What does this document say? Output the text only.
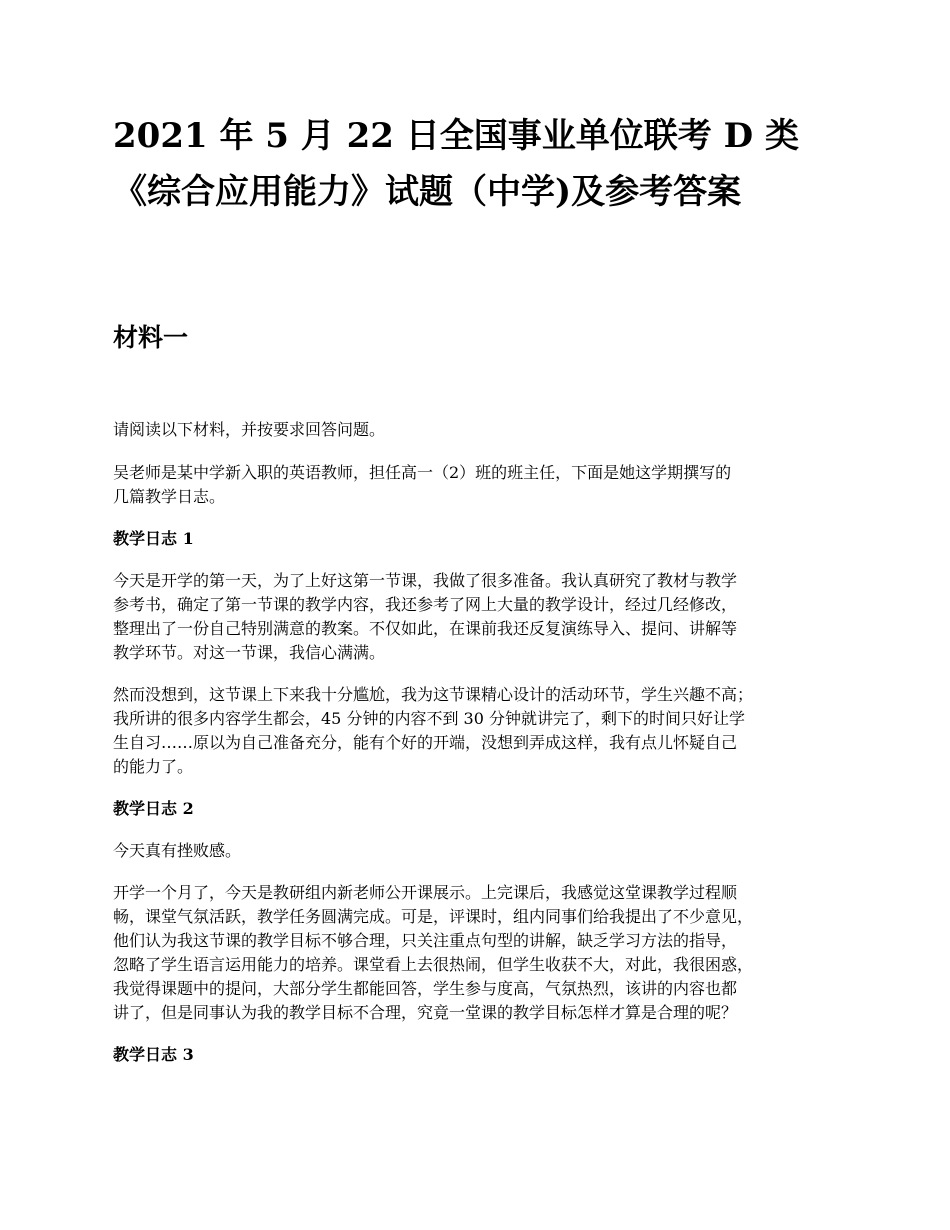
2021 年 5 月 22 日全国事业单位联考 D 类
《综合应用能力》试题（中学)及参考答案
材料一

请阅读以下材料，并按要求回答问题。

吴老师是某中学新入职的英语教师，担任高一（2）班的班主任，下面是她这学期撰写的
几篇教学日志。

教学日志 1

今天是开学的第一天，为了上好这第一节课，我做了很多准备。我认真研究了教材与教学
参考书，确定了第一节课的教学内容，我还参考了网上大量的教学设计，经过几经修改，
整理出了一份自己特别满意的教案。不仅如此，在课前我还反复演练导入、提问、讲解等
教学环节。对这一节课，我信心满满。

然而没想到，这节课上下来我十分尴尬，我为这节课精心设计的活动环节，学生兴趣不高；
我所讲的很多内容学生都会，45 分钟的内容不到 30 分钟就讲完了，剩下的时间只好让学
生自习……原以为自己准备充分，能有个好的开端，没想到弄成这样，我有点儿怀疑自己
的能力了。

教学日志 2

今天真有挫败感。

开学一个月了，今天是教研组内新老师公开课展示。上完课后，我感觉这堂课教学过程顺
畅，课堂气氛活跃，教学任务圆满完成。可是，评课时，组内同事们给我提出了不少意见，
他们认为我这节课的教学目标不够合理，只关注重点句型的讲解，缺乏学习方法的指导，
忽略了学生语言运用能力的培养。课堂看上去很热闹，但学生收获不大，对此，我很困惑，
我觉得课题中的提问，大部分学生都能回答，学生参与度高，气氛热烈，该讲的内容也都
讲了，但是同事认为我的教学目标不合理，究竟一堂课的教学目标怎样才算是合理的呢？

教学日志 3
